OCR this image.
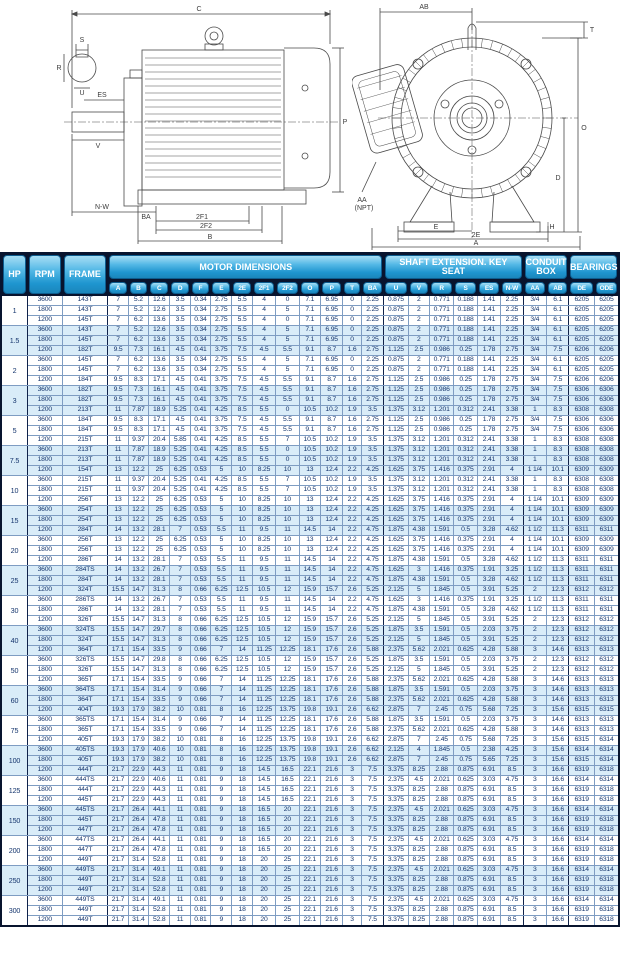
C
S
R
U ES
V
P
N-W
BA	2F1
2F2
B
AB
T
O
D
AA
(NPT)
E
2E
A
H
HP	RPM	FRAME	MOTOR DIMENSIONS													SHAFT EXTENSION. KEY SEAT						CONDUIT BOX		BEARINGS	

A	B	C	D	F	E	2E	2F1	2F2	O	P	T	BA	U	V	R	S	ES	N-W	AA	AB	DE	ODE

1	3600	143T	7	5.2	12.6	3.5	0.34	2.75	5.5	4	0	7.1	6.95	0	2.25	0.875	2	0.771	0.188	1.41	2.25	3/4	6.1	6205	6205
	1800	143T	7	5.2	12.6	3.5	0.34	2.75	5.5	4	5	7.1	6.95	0	2.25	0.875	2	0.771	0.188	1.41	2.25	3/4	6.1	6205	6205
	1200	145T	7	6.2	13.6	3.5	0.34	2.75	5.5	4	0	7.1	6.95	0	2.25	0.875	2	0.771	0.188	1.41	2.25	3/4	6.1	6205	6205
1.5	3600	143T	7	5.2	12.6	3.5	0.34	2.75	5.5	4	5	7.1	6.95	0	2.25	0.875	2	0.771	0.188	1.41	2.25	3/4	6.1	6205	6205
	1800	145T	7	6.2	13.6	3.5	0.34	2.75	5.5	4	5	7.1	6.95	0	2.25	0.875	2	0.771	0.188	1.41	2.25	3/4	6.1	6205	6205
	1200	182T	9.5	7.3	16.1	4.5	0.41	3.75	7.5	4.5	5.5	9.1	8.7	1.6	2.75	1.125	2.5	0.986	0.25	1.78	2.75	3/4	7.5	6206	6206
2	3600	145T	7	6.2	13.6	3.5	0.34	2.75	5.5	4	5	7.1	6.95	0	2.25	0.875	2	0.771	0.188	1.41	2.25	3/4	6.1	6205	6205
	1800	145T	7	6.2	13.6	3.5	0.34	2.75	5.5	4	5	7.1	6.95	0	2.25	0.875	2	0.771	0.188	1.41	2.25	3/4	6.1	6205	6205
	1200	184T	9.5	8.3	17.1	4.5	0.41	3.75	7.5	4.5	5.5	9.1	8.7	1.6	2.75	1.125	2.5	0.986	0.25	1.78	2.75	3/4	7.5	6206	6206
3	3600	182T	9.5	7.3	16.1	4.5	0.41	3.75	7.5	4.5	5.5	9.1	8.7	1.6	2.75	1.125	2.5	0.986	0.25	1.78	2.75	3/4	7.5	6306	6306
	1800	182T	9.5	7.3	16.1	4.5	0.41	3.75	7.5	4.5	5.5	9.1	8.7	1.6	2.75	1.125	2.5	0.986	0.25	1.78	2.75	3/4	7.5	6306	6306
	1200	213T	11	7.87	18.9	5.25	0.41	4.25	8.5	5.5	0	10.5	10.2	1.9	3.5	1.375	3.12	1.201	0.312	2.41	3.38	1	8.3	6308	6308
5	3600	184T	9.5	8.3	17.1	4.5	0.41	3.75	7.5	4.5	5.5	9.1	8.7	1.6	2.75	1.125	2.5	0.986	0.25	1.78	2.75	3/4	7.5	6306	6306
	1800	184T	9.5	8.3	17.1	4.5	0.41	3.75	7.5	4.5	5.5	9.1	8.7	1.6	2.75	1.125	2.5	0.986	0.25	1.78	2.75	3/4	7.5	6306	6306
	1200	215T	11	9.37	20.4	5.85	0.41	4.25	8.5	5.5	7	10.5	10.2	1.9	3.5	1.375	3.12	1.201	0.312	2.41	3.38	1	8.3	6308	6308
7.5	3600	213T	11	7.87	18.9	5.25	0.41	4.25	8.5	5.5	0	10.5	10.2	1.9	3.5	1.375	3.12	1.201	0.312	2.41	3.38	1	8.3	6308	6308
	1800	213T	11	7.87	18.9	5.25	0.41	4.25	8.5	5.5	0	10.5	10.2	1.9	3.5	1.375	3.12	1.201	0.312	2.41	3.38	1	8.3	6308	6308
	1200	154T	13	12.2	25	6.25	0.53	5	10	8.25	10	13	12.4	2.2	4.25	1.625	3.75	1.416	0.375	2.91	4	1 1/4	10.1	6309	6309
10	3600	215T	11	9.37	20.4	5.25	0.41	4.25	8.5	5.5	7	10.5	10.2	1.9	3.5	1.375	3.12	1.201	0.312	2.41	3.38	1	8.3	6308	6308
	1800	215T	11	9.37	20.4	5.25	0.41	4.25	8.5	5.5	7	10.5	10.2	1.9	3.5	1.375	3.12	1.201	0.312	2.41	3.38	1	8.3	6308	6308
	1200	256T	13	12.2	25	6.25	0.53	5	10	8.25	10	13	12.4	2.2	4.25	1.625	3.75	1.416	0.375	2.91	4	1 1/4	10.1	6309	6309
15	3600	254T	13	12.2	25	6.25	0.53	5	10	8.25	10	13	12.4	2.2	4.25	1.625	3.75	1.416	0.375	2.91	4	1 1/4	10.1	6309	6309
	1800	254T	13	12.2	25	6.25	0.53	5	10	8.25	10	13	12.4	2.2	4.25	1.625	3.75	1.416	0.375	2.91	4	1 1/4	10.1	6309	6309
	1200	284T	14	13.2	28.1	7	0.53	5.5	11	9.5	11	14.5	14	2.2	4.75	1.875	4.38	1.591	0.5	3.28	4.62	1 1/2	11.3	6311	6311
20	3600	256T	13	12.2	25	6.25	0.53	5	10	8.25	10	13	12.4	2.2	4.25	1.625	3.75	1.416	0.375	2.91	4	1 1/4	10.1	6309	6309
	1800	256T	13	12.2	25	6.25	0.53	5	10	8.25	10	13	12.4	2.2	4.25	1.625	3.75	1.416	0.375	2.91	4	1 1/4	10.1	6309	6309
	1200	286T	14	13.2	28.1	7	0.53	5.5	11	9.5	11	14.5	14	2.2	4.75	1.875	4.38	1.591	0.5	3.28	4.62	1 1/2	11.3	6311	6311
25	3600	284TS	14	13.2	26.7	7	0.53	5.5	11	9.5	11	14.5	14	2.2	4.75	1.625	3	1.416	0.375	1.91	3.25	1 1/2	11.3	6311	6311
	1800	284T	14	13.2	28.1	7	0.53	5.5	11	9.5	11	14.5	14	2.2	4.75	1.875	4.38	1.591	0.5	3.28	4.62	1 1/2	11.3	6311	6311
	1200	324T	15.5	14.7	31.3	8	0.66	6.25	12.5	10.5	12	15.9	15.7	2.6	5.25	2.125	5	1.845	0.5	3.91	5.25	2	12.3	6312	6312
30	3600	286TS	14	13.2	26.7	7	0.53	5.5	11	9.5	11	14.5	14	2.2	4.75	1.625	3	1.416	0.375	1.91	3.25	1 1/2	11.3	6311	6311
	1800	286T	14	13.2	28.1	7	0.53	5.5	11	9.5	11	14.5	14	2.2	4.75	1.875	4.38	1.591	0.5	3.28	4.62	1 1/2	11.3	6311	6311
	1200	326T	15.5	14.7	31.3	8	0.66	6.25	12.5	10.5	12	15.9	15.7	2.6	5.25	2.125	5	1.845	0.5	3.91	5.25	2	12.3	6312	6312
40	3600	324TS	15.5	14.7	29.7	8	0.66	6.25	12.5	10.5	12	15.9	15.7	2.6	5.25	1.875	3.5	1.591	0.5	2.03	3.75	2	12.3	6312	6312
	1800	324T	15.5	14.7	31.3	8	0.66	6.25	12.5	10.5	12	15.9	15.7	2.6	5.25	2.125	5	1.845	0.5	3.91	5.25	2	12.3	6312	6312
	1200	364T	17.1	15.4	33.5	9	0.66	7	14	11.25	12.25	18.1	17.6	2.6	5.88	2.375	5.62	2.021	0.625	4.28	5.88	3	14.6	6313	6313
50	3600	326TS	15.5	14.7	29.8	8	0.66	6.25	12.5	10.5	12	15.9	15.7	2.6	5.25	1.875	3.5	1.591	0.5	2.03	3.75	2	12.3	6312	6312
	1800	326T	15.5	14.7	31.3	8	0.66	6.25	12.5	10.5	12	15.9	15.7	2.6	5.25	2.125	5	1.845	0.5	3.91	5.25	2	12.3	6312	6312
	1200	365T	17.1	15.4	33.5	9	0.66	7	14	11.25	12.25	18.1	17.6	2.6	5.88	2.375	5.62	2.021	0.625	4.28	5.88	3	14.6	6313	6313
60	3600	364TS	17.1	15.4	31.4	9	0.66	7	14	11.25	12.25	18.1	17.6	2.6	5.88	1.875	3.5	1.591	0.5	2.03	3.75	3	14.6	6313	6313
	1800	364T	17.1	15.4	33.5	9	0.66	7	14	11.25	12.25	18.1	17.6	2.6	5.88	2.375	5.62	2.021	0.625	4.28	5.88	3	14.6	6313	6313
	1200	404T	19.3	17.9	38.2	10	0.81	8	16	12.25	13.75	19.8	19.1	2.6	6.62	2.875	7	2.45	0.75	5.68	7.25	3	15.6	6315	6315
75	3600	365TS	17.1	15.4	31.4	9	0.66	7	14	11.25	12.25	18.1	17.6	2.6	5.88	1.875	3.5	1.591	0.5	2.03	3.75	3	14.6	6313	6313
	1800	365T	17.1	15.4	33.5	9	0.66	7	14	11.25	12.25	18.1	17.6	2.6	5.88	2.375	5.62	2.021	0.625	4.28	5.88	3	14.6	6313	6313
	1200	405T	19.3	17.9	38.2	10	0.81	8	16	12.25	13.75	19.8	19.1	2.6	6.62	2.875	7	2.45	0.75	5.68	7.25	3	15.6	6315	6314
100	3600	405TS	19.3	17.9	40.6	10	0.81	8	16	12.25	13.75	19.8	19.1	2.6	6.62	2.125	4	1.845	0.5	2.38	4.25	3	15.6	6314	6314
	1800	405T	19.3	17.9	38.2	10	0.81	8	16	12.25	13.75	19.8	19.1	2.6	6.62	2.875	7	2.45	0.75	5.65	7.25	3	15.6	6315	6314
	1200	444T	21.7	22.9	44.3	11	0.81	9	18	14.5	16.5	22.1	21.6	3	7.5	3.375	8.25	2.88	0.875	6.91	8.5	3	16.6	6319	6318
125	3600	444TS	21.7	22.9	40.6	11	0.81	9	18	14.5	16.5	22.1	21.6	3	7.5	2.375	4.5	2.021	0.625	3.03	4.75	3	16.6	6314	6314
	1800	444T	21.7	22.9	44.3	11	0.81	9	18	14.5	16.5	22.1	21.6	3	7.5	3.375	8.25	2.88	0.875	6.91	8.5	3	16.6	6319	6318
	1200	445T	21.7	22.9	44.3	11	0.81	9	18	14.5	16.5	22.1	21.6	3	7.5	3.375	8.25	2.88	0.875	6.91	8.5	3	16.6	6319	6318
150	3600	445TS	21.7	26.4	44.1	11	0.81	9	18	16.5	20	22.1	21.6	3	7.5	2.375	4.5	2.021	0.625	3.03	4.75	3	16.6	6314	6314
	1800	445T	21.7	26.4	47.8	11	0.81	9	18	16.5	20	22.1	21.6	3	7.5	3.375	8.25	2.88	0.875	6.91	8.5	3	16.6	6319	6318
	1200	447T	21.7	26.4	47.8	11	0.81	9	18	16.5	20	22.1	21.6	3	7.5	3.375	8.25	2.88	0.875	6.91	8.5	3	16.6	6319	6318
200	3600	447TS	21.7	26.4	44.1	11	0.81	9	18	16.5	20	22.1	21.6	3	7.5	2.375	4.5	2.021	0.625	3.03	4.75	3	16.6	6314	6314
	1800	447T	21.7	26.4	47.8	11	0.81	9	18	16.5	20	22.1	21.6	3	7.5	3.375	8.25	2.88	0.875	6.91	8.5	3	16.6	6319	6318
	1200	449T	21.7	31.4	52.8	11	0.81	9	18	20	25	22.1	21.6	3	7.5	3.375	8.25	2.88	0.875	6.91	8.5	3	16.6	6319	6318
250	3600	449TS	21.7	31.4	49.1	11	0.81	9	18	20	25	22.1	21.6	3	7.5	2.375	4.5	2.021	0.625	3.03	4.75	3	16.6	6314	6314
	1800	449T	21.7	31.4	52.8	11	0.81	9	18	20	25	22.1	21.6	3	7.5	3.375	8.25	2.88	0.875	6.91	8.5	3	16.6	6319	6318
	1200	449T	21.7	31.4	52.8	11	0.81	9	18	20	25	22.1	21.6	3	7.5	3.375	8.25	2.88	0.875	6.91	8.5	3	16.6	6319	6318
300	3600	449TS	21.7	31.4	49.1	11	0.81	9	18	20	25	22.1	21.6	3	7.5	2.375	4.5	2.021	0.625	3.03	4.75	3	16.6	6314	6314
	1800	449T	21.7	31.4	52.8	11	0.81	9	18	20	25	22.1	21.6	3	7.5	3.375	8.25	2.88	0.875	6.91	8.5	3	16.6	6319	6318
	1200	449T	21.7	31.4	52.8	11	0.81	9	18	20	25	22.1	21.6	3	7.5	3.375	8.25	2.88	0.875	6.91	8.5	3	16.6	6319	6318
